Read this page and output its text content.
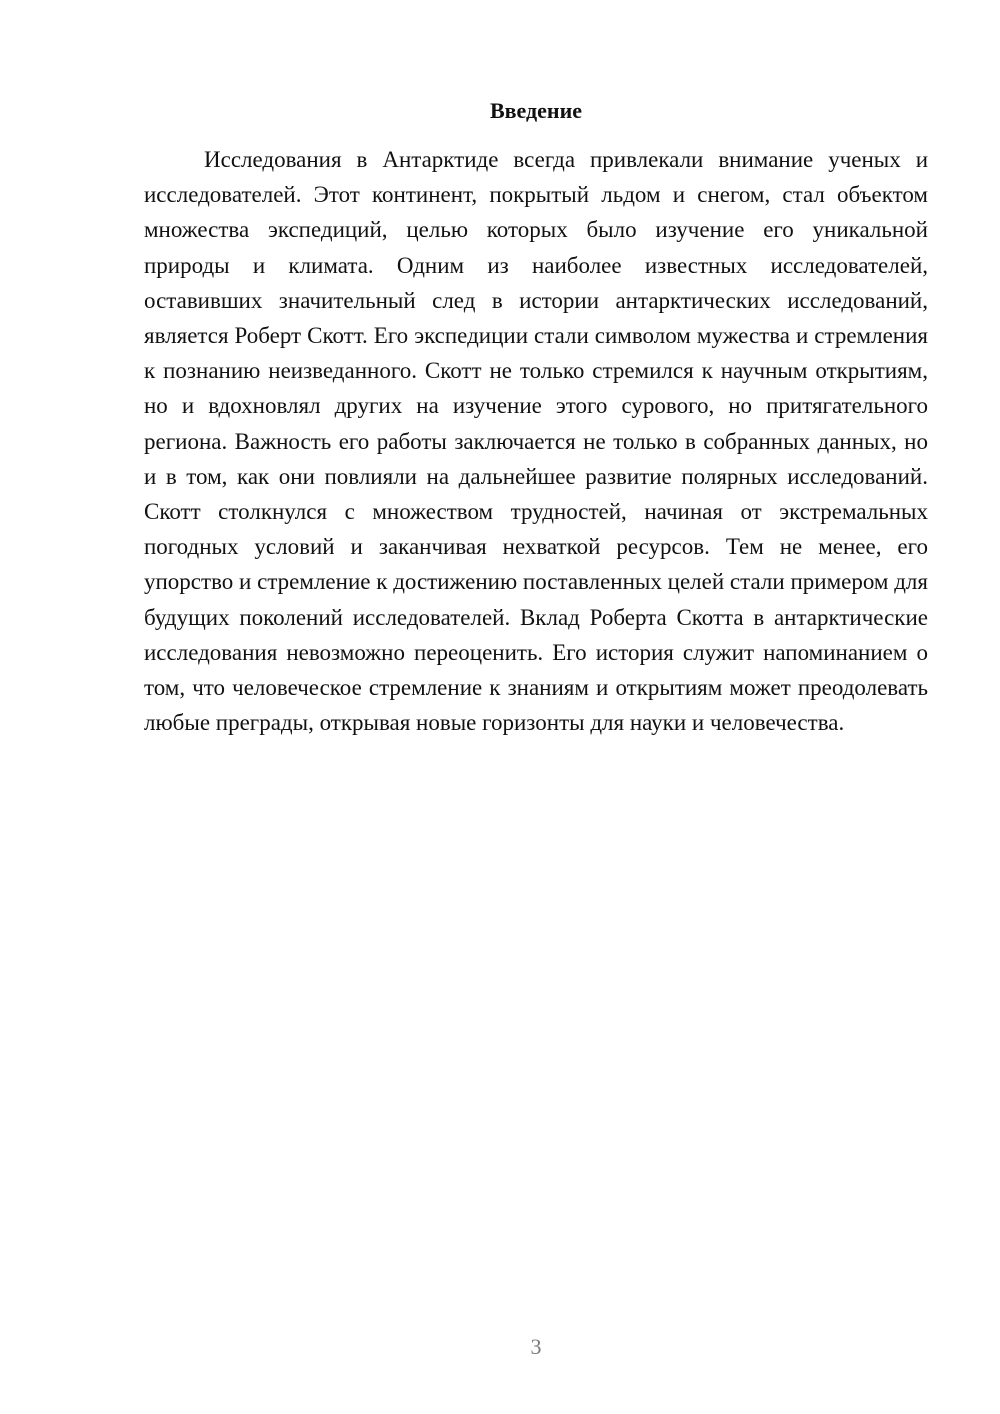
Введение

Исследования в Антарктиде всегда привлекали внимание ученых и исследователей. Этот континент, покрытый льдом и снегом, стал объектом множества экспедиций, целью которых было изучение его уникальной природы и климата. Одним из наиболее известных исследователей, оставивших значительный след в истории антарктических исследований, является Роберт Скотт. Его экспедиции стали символом мужества и стремления к познанию неизведанного. Скотт не только стремился к научным открытиям, но и вдохновлял других на изучение этого сурового, но притягательного региона. Важность его работы заключается не только в собранных данных, но и в том, как они повлияли на дальнейшее развитие полярных исследований. Скотт столкнулся с множеством трудностей, начиная от экстремальных погодных условий и заканчивая нехваткой ресурсов. Тем не менее, его упорство и стремление к достижению поставленных целей стали примером для будущих поколений исследователей. Вклад Роберта Скотта в антарктические исследования невозможно переоценить. Его история служит напоминанием о том, что человеческое стремление к знаниям и открытиям может преодолевать любые преграды, открывая новые горизонты для науки и человечества.

3
